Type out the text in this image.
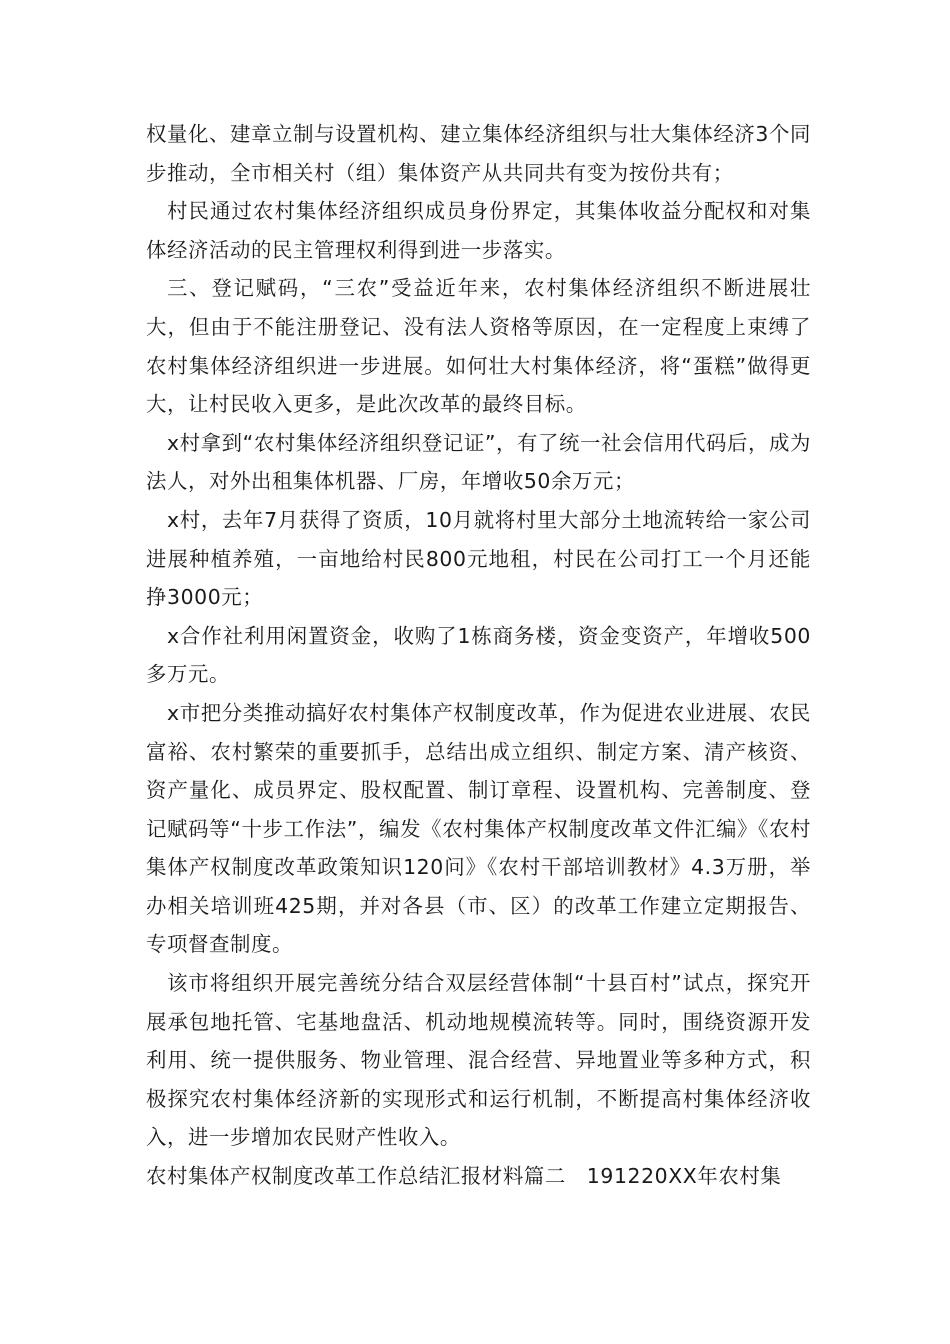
权量化、建章立制与设置机构、建立集体经济组织与壮大集体经济3个同步推动，全市相关村（组）集体资产从共同共有变为按份共有；

村民通过农村集体经济组织成员身份界定，其集体收益分配权和对集体经济活动的民主管理权利得到进一步落实。

三、登记赋码，“三农”受益近年来，农村集体经济组织不断进展壮大，但由于不能注册登记、没有法人资格等原因，在一定程度上束缚了农村集体经济组织进一步进展。如何壮大村集体经济，将“蛋糕”做得更大，让村民收入更多，是此次改革的最终目标。

x村拿到“农村集体经济组织登记证”，有了统一社会信用代码后，成为法人，对外出租集体机器、厂房，年增收50余万元；

x村，去年7月获得了资质，10月就将村里大部分土地流转给一家公司进展种植养殖，一亩地给村民800元地租，村民在公司打工一个月还能挣3000元；

x合作社利用闲置资金，收购了1栋商务楼，资金变资产，年增收500多万元。

x市把分类推动搞好农村集体产权制度改革，作为促进农业进展、农民富裕、农村繁荣的重要抓手，总结出成立组织、制定方案、清产核资、资产量化、成员界定、股权配置、制订章程、设置机构、完善制度、登记赋码等“十步工作法”，编发《农村集体产权制度改革文件汇编》《农村集体产权制度改革政策知识120问》《农村干部培训教材》4.3万册，举办相关培训班425期，并对各县（市、区）的改革工作建立定期报告、专项督查制度。

该市将组织开展完善统分结合双层经营体制“十县百村”试点，探究开展承包地托管、宅基地盘活、机动地规模流转等。同时，围绕资源开发利用、统一提供服务、物业管理、混合经营、异地置业等多种方式，积极探究农村集体经济新的实现形式和运行机制，不断提高村集体经济收入，进一步增加农民财产性收入。

农村集体产权制度改革工作总结汇报材料篇二　191220XX年农村集
